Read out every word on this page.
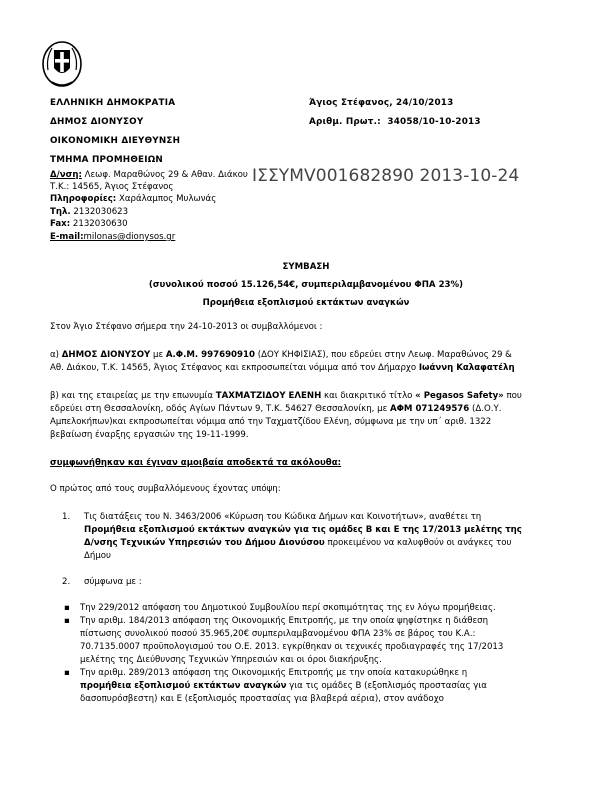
ΕΛΛΗΝΙΚΗ ΔΗΜΟΚΡΑΤΙΑ
ΔΗΜΟΣ ΔΙΟΝΥΣΟΥ
ΟΙΚΟΝΟΜΙΚΗ ΔΙΕΥΘΥΝΣΗ
ΤΜΗΜΑ ΠΡΟΜΗΘΕΙΩΝ
Άγιος Στέφανος, 24/10/2013
Αριθμ. Πρωτ.: 34058/10-10-2013
Δ/νση: Λεωφ. Μαραθώνος 29 & Αθαν. Διάκου
Τ.Κ.: 14565, Άγιος Στέφανος
Πληροφορίες: Χαράλαμπος Μυλωνάς
Τηλ. 2132030623
Fax: 2132030630
E-mail:milonas@dionysos.gr
ΙΣΣΥΜV001682890 2013-10-24
ΣΥΜΒΑΣΗ
(συνολικού ποσού 15.126,54€, συμπεριλαμβανομένου ΦΠΑ 23%)
Προμήθεια εξοπλισμού εκτάκτων αναγκών
Στον Άγιο Στέφανο σήμερα την 24-10-2013 οι συμβαλλόμενοι :
α) ΔΗΜΟΣ ΔΙΟΝΥΣΟΥ με Α.Φ.Μ. 997690910 (ΔΟΥ ΚΗΦΙΣΙΑΣ), που εδρεύει στην Λεωφ. Μαραθώνος 29 &
Αθ. Διάκου, Τ.Κ. 14565, Άγιος Στέφανος και εκπροσωπείται νόμιμα από τον Δήμαρχο Ιωάννη Καλαφατέλη
β) και της εταιρείας με την επωνυμία ΤΑΧΜΑΤΖΙΔΟΥ ΕΛΕΝΗ και διακριτικό τίτλο « Pegasos Safety» που
εδρεύει στη Θεσσαλονίκη, οδός Αγίων Πάντων 9, Τ.Κ. 54627 Θεσσαλονίκη, με ΑΦΜ 071249576 (Δ.Ο.Υ.
Αμπελοκήπων)και εκπροσωπείται νόμιμα από την Ταχματζίδου Ελένη, σύμφωνα με την υπ΄ αριθ. 1322
βεβαίωση έναρξης εργασιών της 19-11-1999.
συμφωνήθηκαν και έγιναν αμοιβαία αποδεκτά τα ακόλουθα:
Ο πρώτος από τους συμβαλλόμενους έχοντας υπόψη:
1. Τις διατάξεις του Ν. 3463/2006 «Κύρωση του Κώδικα Δήμων και Κοινοτήτων», αναθέτει τη
Προμήθεια εξοπλισμού εκτάκτων αναγκών για τις ομάδες Β και Ε της 17/2013 μελέτης της
Δ/νσης Τεχνικών Υπηρεσιών του Δήμου Διονύσου προκειμένου να καλυφθούν οι ανάγκες του
Δήμου
2. σύμφωνα με :
▪ Την 229/2012 απόφαση του Δημοτικού Συμβουλίου περί σκοπιμότητας της εν λόγω προμήθειας.
▪ Την αριθμ. 184/2013 απόφαση της Οικονομικής Επιτροπής, με την οποία ψηφίστηκε η διάθεση
πίστωσης συνολικού ποσού 35.965,20€ συμπεριλαμβανομένου ΦΠΑ 23% σε βάρος του Κ.Α.:
70.7135.0007 προϋπολογισμού του Ο.Ε. 2013. εγκρίθηκαν οι τεχνικές προδιαγραφές της 17/2013
μελέτης της Διεύθυνσης Τεχνικών Υπηρεσιών και οι όροι διακήρυξης.
▪ Την αριθμ. 289/2013 απόφαση της Οικονομικής Επιτροπής με την οποία κατακυρώθηκε η
προμήθεια εξοπλισμού εκτάκτων αναγκών για τις ομάδες Β (εξοπλισμός προστασίας για
δασοπυρόσβεστη) και Ε (εξοπλισμός προστασίας για βλαβερά αέρια), στον ανάδοχο
